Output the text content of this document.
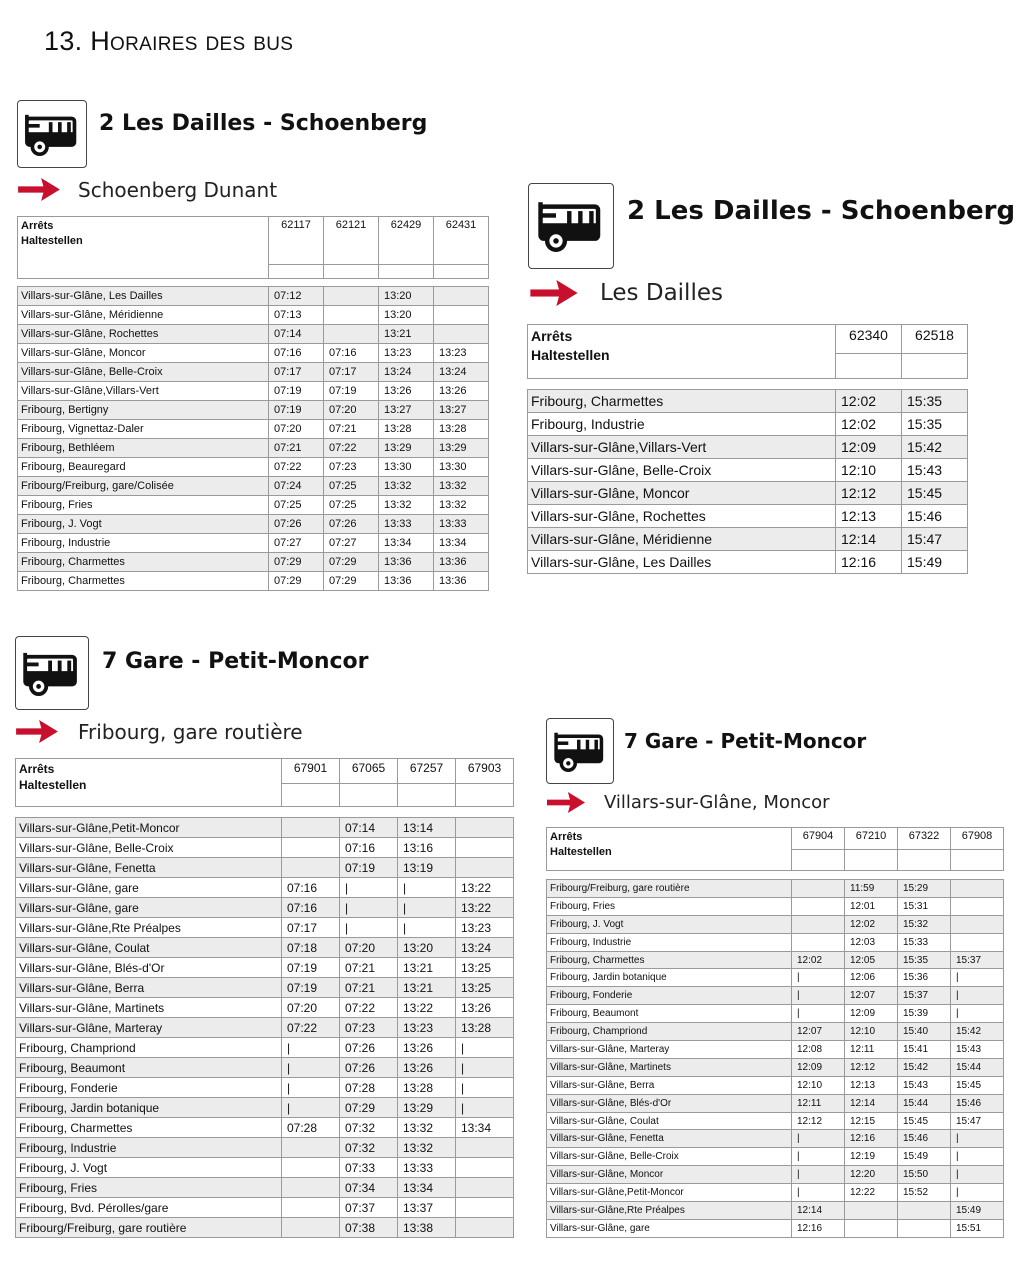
13. Horaires des bus
2 Les Dailles - Schoenberg
Schoenberg Dunant
Arrêts
Haltestellen	62117	62121	62429	62431

Villars-sur-Glâne, Les Dailles	07:12		13:20	
Villars-sur-Glâne, Méridienne	07:13		13:20	
Villars-sur-Glâne, Rochettes	07:14		13:21	
Villars-sur-Glâne, Moncor	07:16	07:16	13:23	13:23
Villars-sur-Glâne, Belle-Croix	07:17	07:17	13:24	13:24
Villars-sur-Glâne,Villars-Vert	07:19	07:19	13:26	13:26
Fribourg, Bertigny	07:19	07:20	13:27	13:27
Fribourg, Vignettaz-Daler	07:20	07:21	13:28	13:28
Fribourg, Bethléem	07:21	07:22	13:29	13:29
Fribourg, Beauregard	07:22	07:23	13:30	13:30
Fribourg/Freiburg, gare/Colisée	07:24	07:25	13:32	13:32
Fribourg, Fries	07:25	07:25	13:32	13:32
Fribourg, J. Vogt	07:26	07:26	13:33	13:33
Fribourg, Industrie	07:27	07:27	13:34	13:34
Fribourg, Charmettes	07:29	07:29	13:36	13:36
Fribourg, Charmettes	07:29	07:29	13:36	13:36
2 Les Dailles - Schoenberg
Les Dailles
Arrêts
Haltestellen	62340	62518

Fribourg, Charmettes	12:02	15:35
Fribourg, Industrie	12:02	15:35
Villars-sur-Glâne,Villars-Vert	12:09	15:42
Villars-sur-Glâne, Belle-Croix	12:10	15:43
Villars-sur-Glâne, Moncor	12:12	15:45
Villars-sur-Glâne, Rochettes	12:13	15:46
Villars-sur-Glâne, Méridienne	12:14	15:47
Villars-sur-Glâne, Les Dailles	12:16	15:49
7 Gare - Petit-Moncor
Fribourg, gare routière
Arrêts
Haltestellen	67901	67065	67257	67903

Villars-sur-Glâne,Petit-Moncor		07:14	13:14	
Villars-sur-Glâne, Belle-Croix		07:16	13:16	
Villars-sur-Glâne, Fenetta		07:19	13:19	
Villars-sur-Glâne, gare	07:16	|	|	13:22
Villars-sur-Glâne, gare	07:16	|	|	13:22
Villars-sur-Glâne,Rte Préalpes	07:17	|	|	13:23
Villars-sur-Glâne, Coulat	07:18	07:20	13:20	13:24
Villars-sur-Glâne, Blés-d'Or	07:19	07:21	13:21	13:25
Villars-sur-Glâne, Berra	07:19	07:21	13:21	13:25
Villars-sur-Glâne, Martinets	07:20	07:22	13:22	13:26
Villars-sur-Glâne, Marteray	07:22	07:23	13:23	13:28
Fribourg, Champriond	|	07:26	13:26	|
Fribourg, Beaumont	|	07:26	13:26	|
Fribourg, Fonderie	|	07:28	13:28	|
Fribourg, Jardin botanique	|	07:29	13:29	|
Fribourg, Charmettes	07:28	07:32	13:32	13:34
Fribourg, Industrie		07:32	13:32	
Fribourg, J. Vogt		07:33	13:33	
Fribourg, Fries		07:34	13:34	
Fribourg, Bvd. Pérolles/gare		07:37	13:37	
Fribourg/Freiburg, gare routière		07:38	13:38	
7 Gare - Petit-Moncor
Villars-sur-Glâne, Moncor
Arrêts
Haltestellen	67904	67210	67322	67908

Fribourg/Freiburg, gare routière		11:59	15:29	
Fribourg, Fries		12:01	15:31	
Fribourg, J. Vogt		12:02	15:32	
Fribourg, Industrie		12:03	15:33	
Fribourg, Charmettes	12:02	12:05	15:35	15:37
Fribourg, Jardin botanique	|	12:06	15:36	|
Fribourg, Fonderie	|	12:07	15:37	|
Fribourg, Beaumont	|	12:09	15:39	|
Fribourg, Champriond	12:07	12:10	15:40	15:42
Villars-sur-Glâne, Marteray	12:08	12:11	15:41	15:43
Villars-sur-Glâne, Martinets	12:09	12:12	15:42	15:44
Villars-sur-Glâne, Berra	12:10	12:13	15:43	15:45
Villars-sur-Glâne, Blés-d'Or	12:11	12:14	15:44	15:46
Villars-sur-Glâne, Coulat	12:12	12:15	15:45	15:47
Villars-sur-Glâne, Fenetta	|	12:16	15:46	|
Villars-sur-Glâne, Belle-Croix	|	12:19	15:49	|
Villars-sur-Glâne, Moncor	|	12:20	15:50	|
Villars-sur-Glâne,Petit-Moncor	|	12:22	15:52	|
Villars-sur-Glâne,Rte Préalpes	12:14			15:49
Villars-sur-Glâne, gare	12:16			15:51
